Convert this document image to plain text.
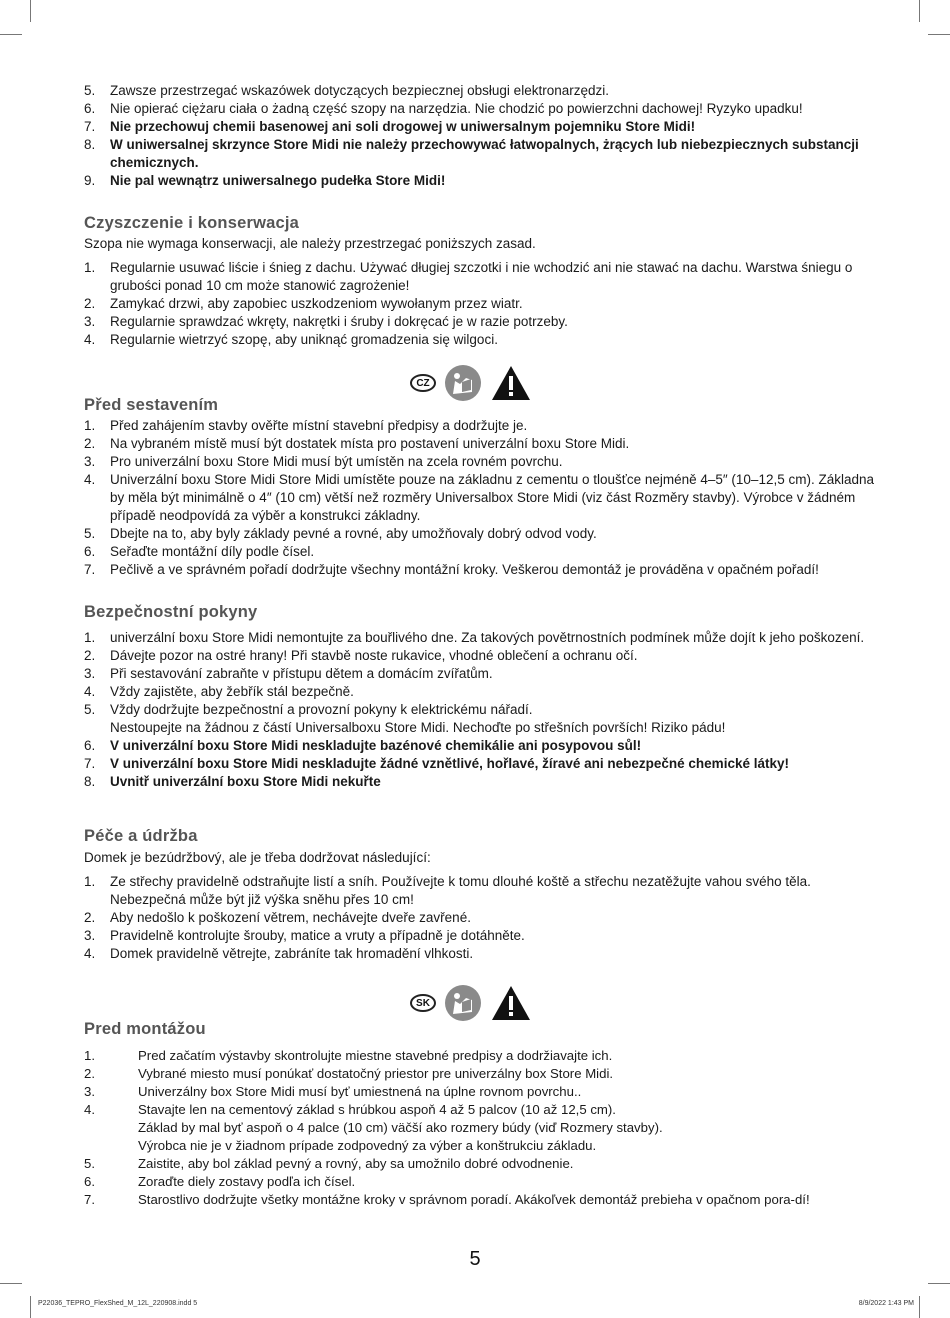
5.	Zawsze przestrzegać wskazówek dotyczących bezpiecznej obsługi elektronarzędzi.
6.	Nie opierać ciężaru ciała o żadną część szopy na narzędzia. Nie chodzić po powierzchni dachowej! Ryzyko upadku!
7.	Nie przechowuj chemii basenowej ani soli drogowej w uniwersalnym pojemniku Store Midi!
8.	W uniwersalnej skrzynce Store Midi nie należy przechowywać łatwopalnych, żrących lub niebezpiecznych substancji chemicznych.
9.	Nie pal wewnątrz uniwersalnego pudełka Store Midi!
Czyszczenie i konserwacja
Szopa nie wymaga konserwacji, ale należy przestrzegać poniższych zasad.
1.	Regularnie usuwać liście i śnieg z dachu. Używać długiej szczotki i nie wchodzić ani nie stawać na dachu. Warstwa śniegu o grubości ponad 10 cm może stanowić zagrożenie!
2.	Zamykać drzwi, aby zapobiec uszkodzeniom wywołanym przez wiatr.
3.	Regularnie sprawdzać wkręty, nakrętki i śruby i dokręcać je w razie potrzeby.
4.	Regularnie wietrzyć szopę, aby uniknąć gromadzenia się wilgoci.
CZ
Před sestavením
1.	Před zahájením stavby ověřte místní stavební předpisy a dodržujte je.
2.	Na vybraném místě musí být dostatek místa pro postavení univerzální boxu Store Midi.
3.	Pro univerzální boxu Store Midi musí být umístěn na zcela rovném povrchu.
4.	Univerzální boxu Store Midi Store Midi umístěte pouze na základnu z cementu o tloušťce nejméně 4–5″ (10–12,5 cm). Základna by měla být minimálně o 4″ (10 cm) větší než rozměry Universalbox Store Midi (viz část Rozměry stavby). Výrobce v žádném případě neodpovídá za výběr a konstrukci základny.
5.	Dbejte na to, aby byly základy pevné a rovné, aby umožňovaly dobrý odvod vody.
6.	Seřaďte montážní díly podle čísel.
7.	Pečlivě a ve správném pořadí dodržujte všechny montážní kroky. Veškerou demontáž je prováděna v opačném pořadí!
Bezpečnostní pokyny
1.	univerzální boxu Store Midi nemontujte za bouřlivého dne. Za takových povětrnostních podmínek může dojít k jeho poškození.
2.	Dávejte pozor na ostré hrany! Při stavbě noste rukavice, vhodné oblečení a ochranu očí.
3.	Při sestavování zabraňte v přístupu dětem a domácím zvířatům.
4.	Vždy zajistěte, aby žebřík stál bezpečně.
5.	Vždy dodržujte bezpečnostní a provozní pokyny k elektrickému nářadí.
Nestoupejte na žádnou z částí Universalboxu Store Midi. Nechoďte po střešních površích! Riziko pádu!
6.	V univerzální boxu Store Midi neskladujte bazénové chemikálie ani posypovou sůl!
7.	V univerzální boxu Store Midi neskladujte žádné vznětlivé, hořlavé, žíravé ani nebezpečné chemické látky!
8.	Uvnitř univerzální boxu Store Midi nekuřte
Péče a údržba
Domek je bezúdržbový, ale je třeba dodržovat následující:
1.	Ze střechy pravidelně odstraňujte listí a sníh. Používejte k tomu dlouhé koště a střechu nezatěžujte vahou svého těla. Nebezpečná může být již výška sněhu přes 10 cm!
2.	Aby nedošlo k poškození větrem, nechávejte dveře zavřené.
3.	Pravidelně kontrolujte šrouby, matice a vruty a případně je dotáhněte.
4.	Domek pravidelně větrejte, zabráníte tak hromadění vlhkosti.
SK
Pred montážou
1.	Pred začatím výstavby skontrolujte miestne stavebné predpisy a dodržiavajte ich.
2.	Vybrané miesto musí ponúkať dostatočný priestor pre univerzálny box Store Midi.
3.	Univerzálny box Store Midi musí byť umiestnená na úplne rovnom povrchu..
4.	Stavajte len na cementový základ s hrúbkou aspoň 4 až 5 palcov (10 až 12,5 cm).
Základ by mal byť aspoň o 4 palce (10 cm) väčší ako rozmery búdy (viď Rozmery stavby).
Výrobca nie je v žiadnom prípade zodpovedný za výber a konštrukciu základu.
5.	Zaistite, aby bol základ pevný a rovný, aby sa umožnilo dobré odvodnenie.
6.	Zoraďte diely zostavy podľa ich čísel.
7.	Starostlivo dodržujte všetky montážne kroky v správnom poradí. Akákoľvek demontáž prebieha v opačnom pora-dí!
5
P22036_TEPRO_FlexShed_M_12L_220908.indd 5	8/9/2022 1:43 PM
